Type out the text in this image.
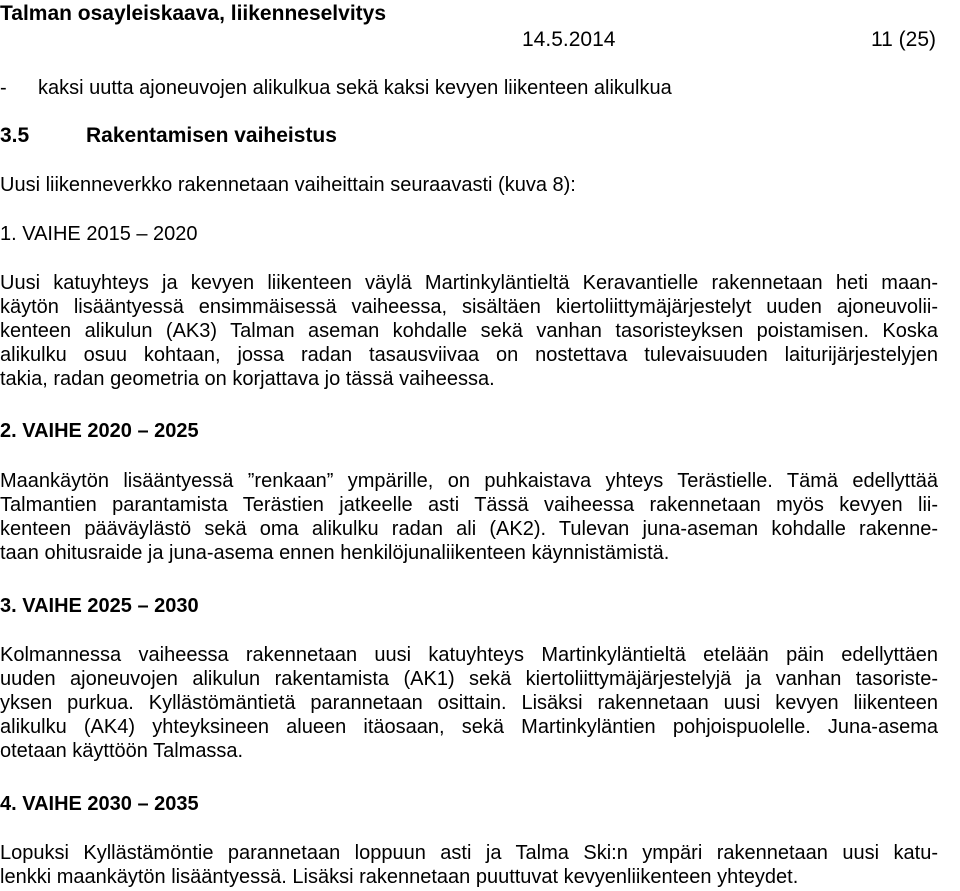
Talman osayleiskaava, liikenneselvitys
14.5.2014	11 (25)
- kaksi uutta ajoneuvojen alikulkua sekä kaksi kevyen liikenteen alikulkua
3.5	Rakentamisen vaiheistus
Uusi liikenneverkko rakennetaan vaiheittain seuraavasti (kuva 8):
1. VAIHE 2015 – 2020
Uusi katuyhteys ja kevyen liikenteen väylä Martinkyläntieltä Keravantielle rakennetaan heti maan-
käytön lisääntyessä ensimmäisessä vaiheessa, sisältäen kiertoliittymäjärjestelyt uuden ajoneuvolii-
kenteen alikulun (AK3) Talman aseman kohdalle sekä vanhan tasoristeyksen poistamisen. Koska
alikulku osuu kohtaan, jossa radan tasausviivaa on nostettava tulevaisuuden laiturijärjestelyjen
takia, radan geometria on korjattava jo tässä vaiheessa.
2. VAIHE 2020 – 2025
Maankäytön lisääntyessä ”renkaan” ympärille, on puhkaistava yhteys Terästielle. Tämä edellyttää
Talmantien parantamista Terästien jatkeelle asti Tässä vaiheessa rakennetaan myös kevyen lii-
kenteen pääväylästö sekä oma alikulku radan ali (AK2). Tulevan juna-aseman kohdalle rakenne-
taan ohitusraide ja juna-asema ennen henkilöjunaliikenteen käynnistämistä.
3. VAIHE 2025 – 2030
Kolmannessa vaiheessa rakennetaan uusi katuyhteys Martinkyläntieltä etelään päin edellyttäen
uuden ajoneuvojen alikulun rakentamista (AK1) sekä kiertoliittymäjärjestelyjä ja vanhan tasoriste-
yksen purkua. Kyllästömäntietä parannetaan osittain. Lisäksi rakennetaan uusi kevyen liikenteen
alikulku (AK4) yhteyksineen alueen itäosaan, sekä Martinkyläntien pohjoispuolelle. Juna-asema
otetaan käyttöön Talmassa.
4. VAIHE 2030 – 2035
Lopuksi Kyllästämöntie parannetaan loppuun asti ja Talma Ski:n ympäri rakennetaan uusi katu-
lenkki maankäytön lisääntyessä. Lisäksi rakennetaan puuttuvat kevyenliikenteen yhteydet.
